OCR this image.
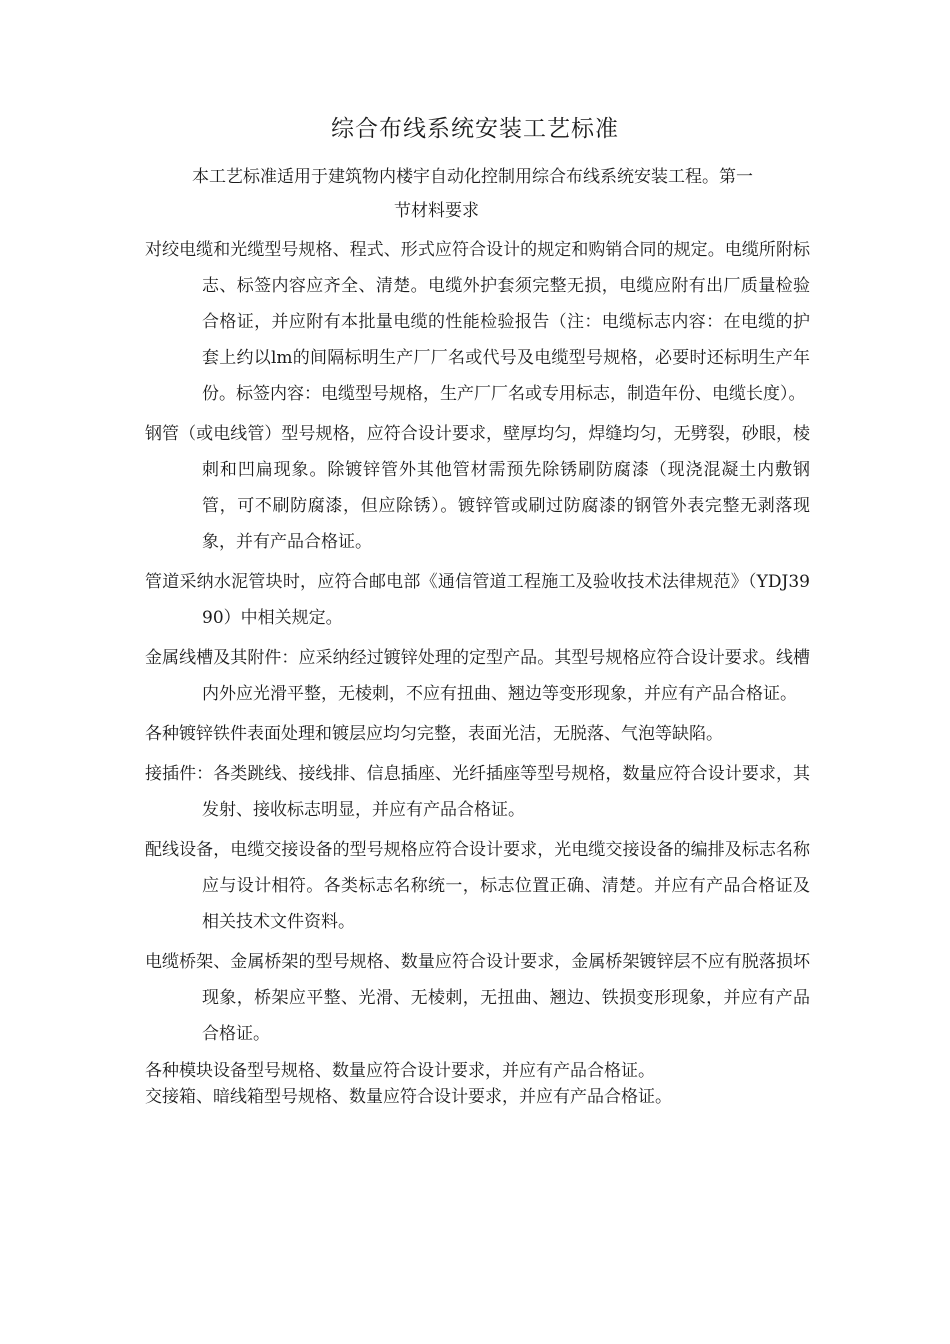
综合布线系统安装工艺标准
本工艺标准适用于建筑物内楼宇自动化控制用综合布线系统安装工程。第一
节材料要求

对绞电缆和光缆型号规格、程式、形式应符合设计的规定和购销合同的规定。电缆所附标志、标签内容应齐全、清楚。电缆外护套须完整无损，电缆应附有出厂质量检验合格证，并应附有本批量电缆的性能检验报告（注：电缆标志内容：在电缆的护套上约以lm的间隔标明生产厂厂名或代号及电缆型号规格，必要时还标明生产年份。标签内容：电缆型号规格，生产厂厂名或专用标志，制造年份、电缆长度）。

钢管（或电线管）型号规格，应符合设计要求，壁厚均匀，焊缝均匀，无劈裂，砂眼，棱刺和凹扁现象。除镀锌管外其他管材需预先除锈刷防腐漆（现浇混凝土内敷钢管，可不刷防腐漆，但应除锈）。镀锌管或刷过防腐漆的钢管外表完整无剥落现象，并有产品合格证。

管道采纳水泥管块时，应符合邮电部《通信管道工程施工及验收技术法律规范》（YDJ39 90）中相关规定。

金属线槽及其附件：应采纳经过镀锌处理的定型产品。其型号规格应符合设计要求。线槽内外应光滑平整，无棱刺，不应有扭曲、翘边等变形现象，并应有产品合格证。

各种镀锌铁件表面处理和镀层应均匀完整，表面光洁，无脱落、气泡等缺陷。

接插件：各类跳线、接线排、信息插座、光纤插座等型号规格，数量应符合设计要求，其发射、接收标志明显，并应有产品合格证。

配线设备，电缆交接设备的型号规格应符合设计要求，光电缆交接设备的编排及标志名称应与设计相符。各类标志名称统一，标志位置正确、清楚。并应有产品合格证及相关技术文件资料。

电缆桥架、金属桥架的型号规格、数量应符合设计要求，金属桥架镀锌层不应有脱落损坏现象，桥架应平整、光滑、无棱刺，无扭曲、翘边、铁损变形现象，并应有产品合格证。

各种模块设备型号规格、数量应符合设计要求，并应有产品合格证。

交接箱、暗线箱型号规格、数量应符合设计要求，并应有产品合格证。
